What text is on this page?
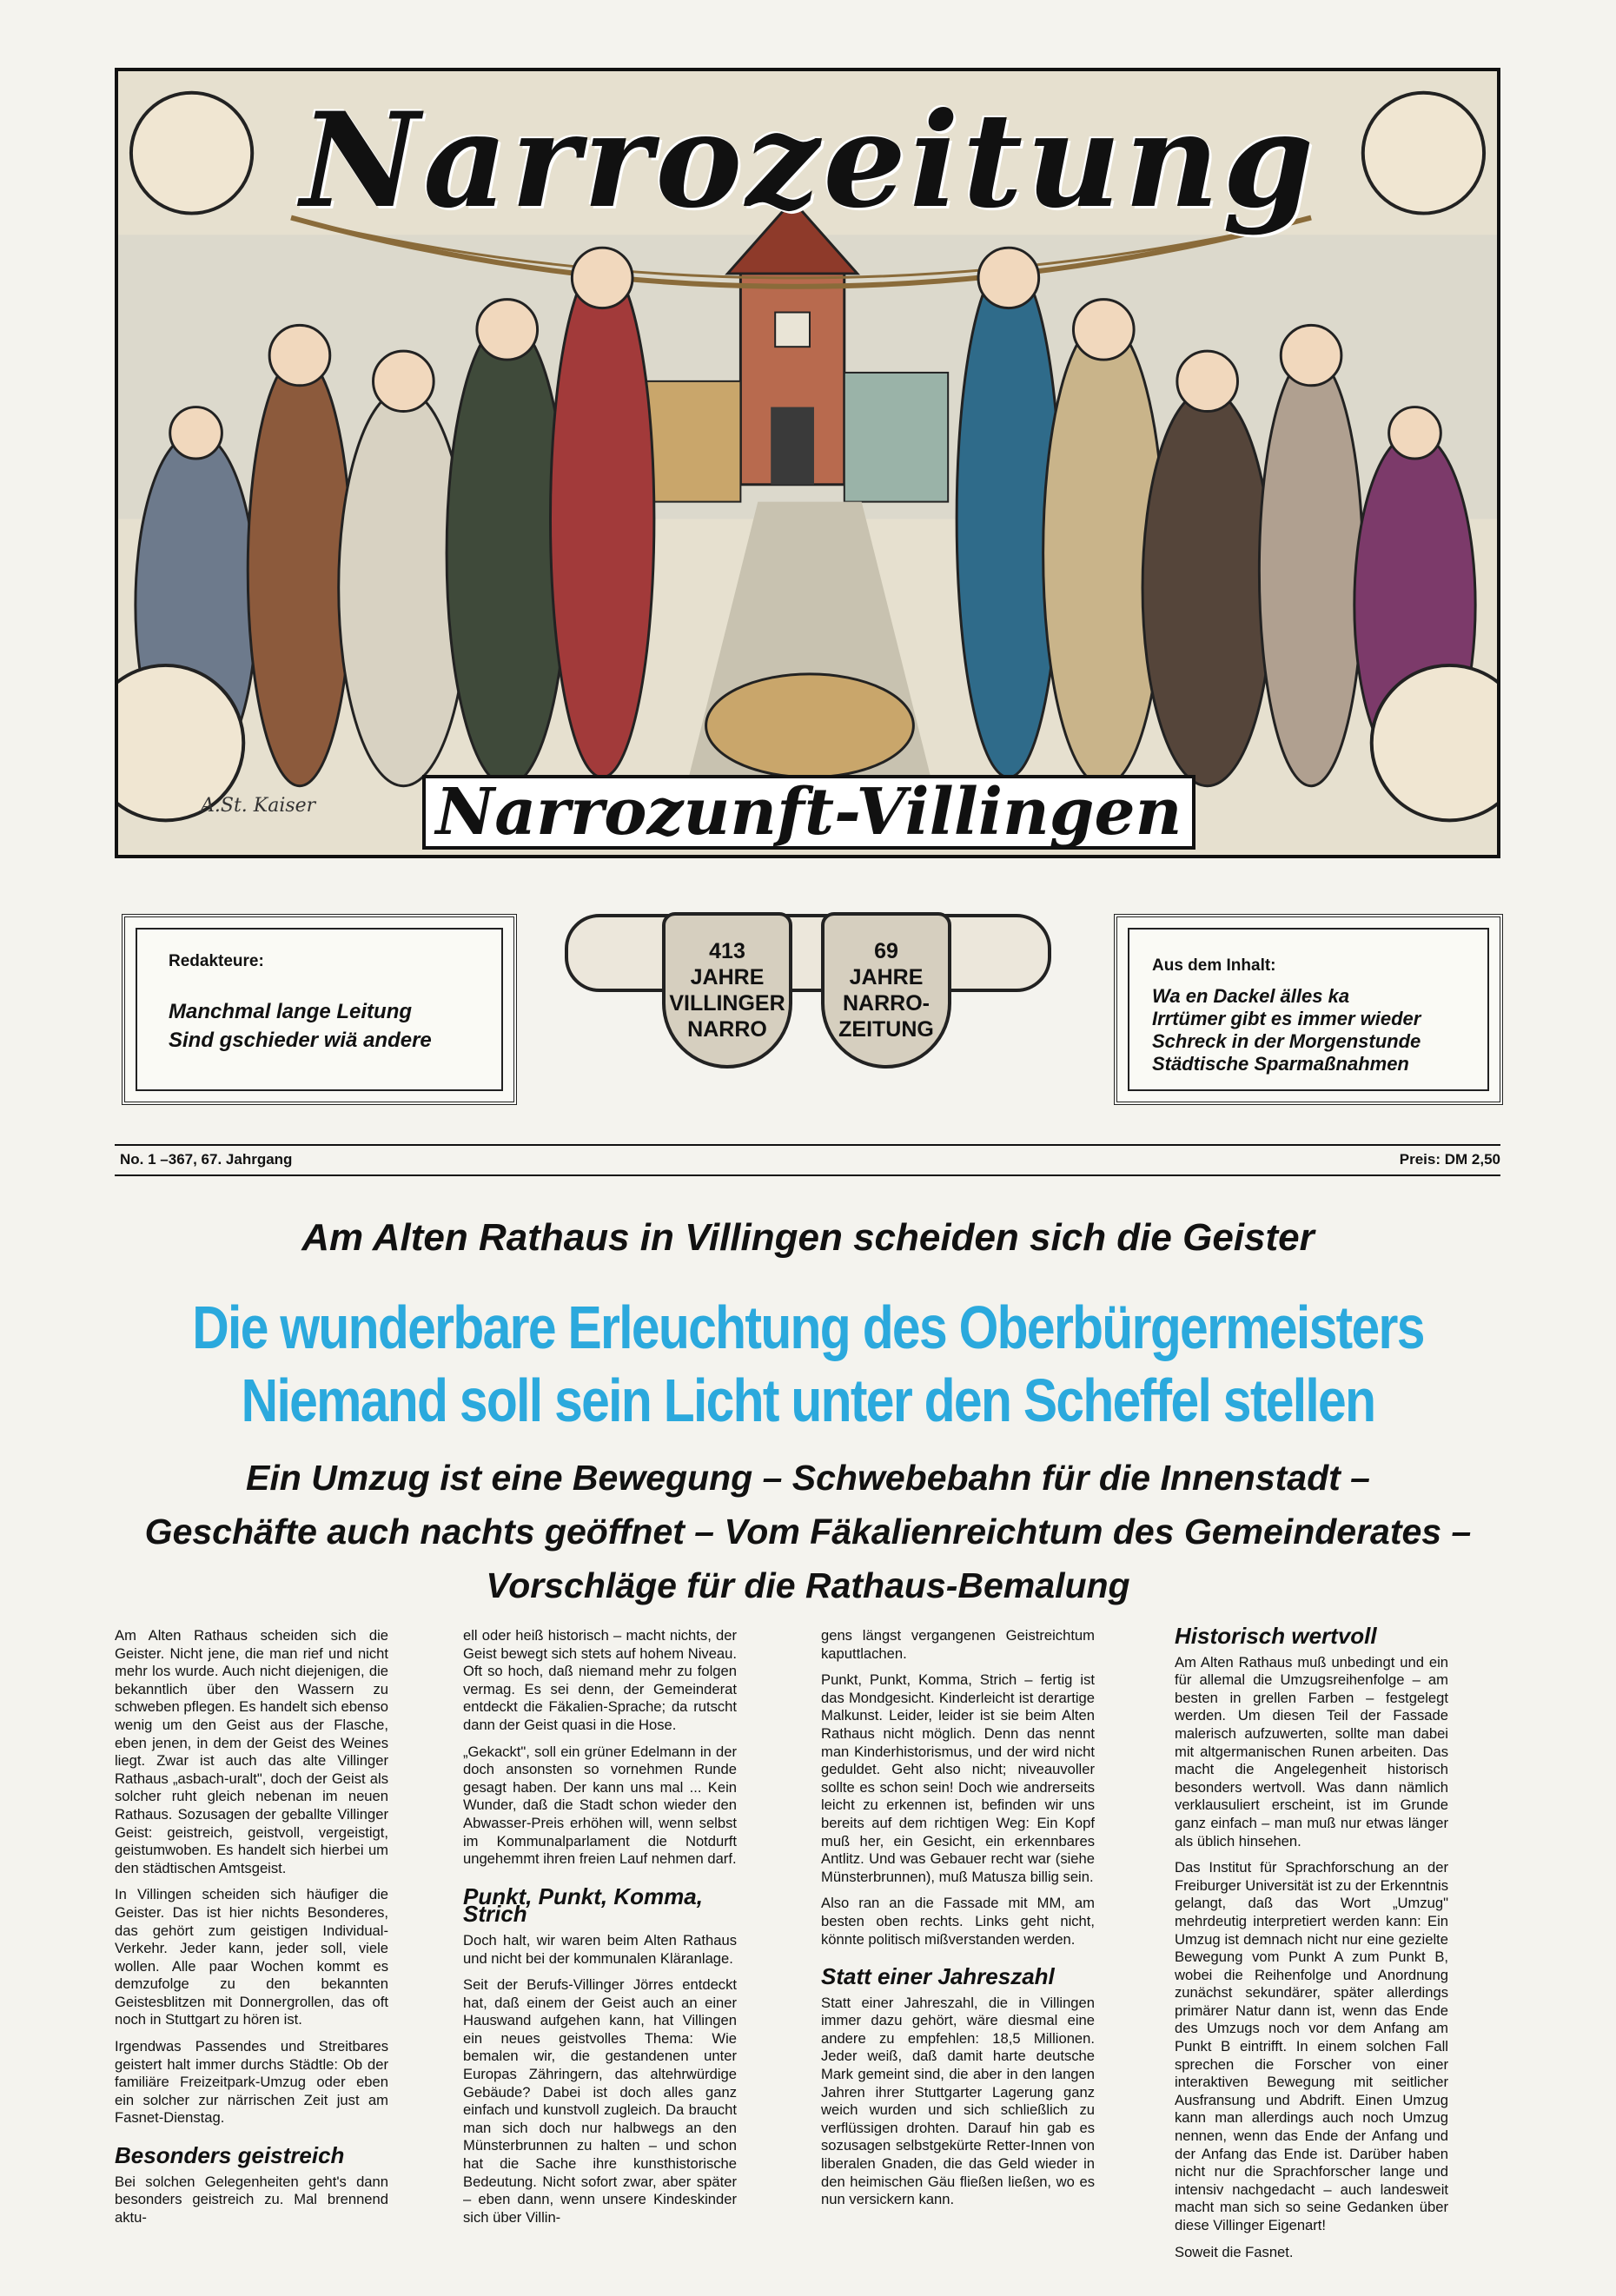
Narrozeitung
Narrozunft-Villingen
A.St. Kaiser
Redakteure:
Manchmal lange Leitung
Sind gschieder wiä andere
413
JAHRE
VILLINGER
NARRO
69
JAHRE
NARRO-
ZEITUNG
Aus dem Inhalt:
Wa en Dackel älles ka
Irrtümer gibt es immer wieder
Schreck in der Morgenstunde
Städtische Sparmaßnahmen
No. 1 –367, 67. Jahrgang	Preis: DM 2,50
Am Alten Rathaus in Villingen scheiden sich die Geister
Die wunderbare Erleuchtung des Oberbürgermeisters
Niemand soll sein Licht unter den Scheffel stellen
Ein Umzug ist eine Bewegung – Schwebebahn für die Innenstadt –
Geschäfte auch nachts geöffnet – Vom Fäkalienreichtum des Gemeinderates –
Vorschläge für die Rathaus-Bemalung

Am Alten Rathaus scheiden sich die Geister. Nicht jene, die man rief und nicht mehr los wurde. Auch nicht diejenigen, die bekanntlich über den Wassern zu schweben pflegen. Es handelt sich ebenso wenig um den Geist aus der Flasche, eben jenen, in dem der Geist des Weines liegt. Zwar ist auch das alte Villinger Rathaus „asbach-uralt", doch der Geist als solcher ruht gleich nebenan im neuen Rathaus. Sozusagen der geballte Villinger Geist: geistreich, geistvoll, vergeistigt, geistumwoben. Es handelt sich hierbei um den städtischen Amtsgeist.

In Villingen scheiden sich häufiger die Geister. Das ist hier nichts Besonderes, das gehört zum geistigen Individual-Verkehr. Jeder kann, jeder soll, viele wollen. Alle paar Wochen kommt es demzufolge zu den bekannten Geistesblitzen mit Donnergrollen, das oft noch in Stuttgart zu hören ist.

Irgendwas Passendes und Streitbares geistert halt immer durchs Städtle: Ob der familiäre Freizeitpark-Umzug oder eben ein solcher zur närrischen Zeit just am Fasnet-Dienstag.

Besonders geistreich

Bei solchen Gelegenheiten geht's dann besonders geistreich zu. Mal brennend aktu-

ell oder heiß historisch – macht nichts, der Geist bewegt sich stets auf hohem Niveau. Oft so hoch, daß niemand mehr zu folgen vermag. Es sei denn, der Gemeinderat entdeckt die Fäkalien-Sprache; da rutscht dann der Geist quasi in die Hose.

„Gekackt", soll ein grüner Edelmann in der doch ansonsten so vornehmen Runde gesagt haben. Der kann uns mal ... Kein Wunder, daß die Stadt schon wieder den Abwasser-Preis erhöhen will, wenn selbst im Kommunalparlament die Notdurft ungehemmt ihren freien Lauf nehmen darf.

Punkt, Punkt, Komma, Strich

Doch halt, wir waren beim Alten Rathaus und nicht bei der kommunalen Kläranlage.

Seit der Berufs-Villinger Jörres entdeckt hat, daß einem der Geist auch an einer Hauswand aufgehen kann, hat Villingen ein neues geistvolles Thema: Wie bemalen wir, die gestandenen unter Europas Zähringern, das altehrwürdige Gebäude? Dabei ist doch alles ganz einfach und kunstvoll zugleich. Da braucht man sich doch nur halbwegs an den Münsterbrunnen zu halten – und schon hat die Sache ihre kunsthistorische Bedeutung. Nicht sofort zwar, aber später – eben dann, wenn unsere Kindeskinder sich über Villin-

gens längst vergangenen Geistreichtum kaputtlachen.

Punkt, Punkt, Komma, Strich – fertig ist das Mondgesicht. Kinderleicht ist derartige Malkunst. Leider, leider ist sie beim Alten Rathaus nicht möglich. Denn das nennt man Kinderhistorismus, und der wird nicht geduldet. Geht also nicht; niveauvoller sollte es schon sein! Doch wie andrerseits leicht zu erkennen ist, befinden wir uns bereits auf dem richtigen Weg: Ein Kopf muß her, ein Gesicht, ein erkennbares Antlitz. Und was Gebauer recht war (siehe Münsterbrunnen), muß Matusza billig sein.

Also ran an die Fassade mit MM, am besten oben rechts. Links geht nicht, könnte politisch mißverstanden werden.

Statt einer Jahreszahl

Statt einer Jahreszahl, die in Villingen immer dazu gehört, wäre diesmal eine andere zu empfehlen: 18,5 Millionen. Jeder weiß, daß damit harte deutsche Mark gemeint sind, die aber in den langen Jahren ihrer Stuttgarter Lagerung ganz weich wurden und sich schließlich zu verflüssigen drohten. Darauf hin gab es sozusagen selbstgekürte Retter-Innen von liberalen Gnaden, die das Geld wieder in den heimischen Gäu fließen ließen, wo es nun versickern kann.

Historisch wertvoll

Am Alten Rathaus muß unbedingt und ein für allemal die Umzugsreihenfolge – am besten in grellen Farben – festgelegt werden. Um diesen Teil der Fassade malerisch aufzuwerten, sollte man dabei mit altgermanischen Runen arbeiten. Das macht die Angelegenheit historisch besonders wertvoll. Was dann nämlich verklausuliert erscheint, ist im Grunde ganz einfach – man muß nur etwas länger als üblich hinsehen.

Das Institut für Sprachforschung an der Freiburger Universität ist zu der Erkenntnis gelangt, daß das Wort „Umzug" mehrdeutig interpretiert werden kann: Ein Umzug ist demnach nicht nur eine gezielte Bewegung vom Punkt A zum Punkt B, wobei die Reihenfolge und Anordnung zunächst sekundärer, später allerdings primärer Natur dann ist, wenn das Ende des Umzugs noch vor dem Anfang am Punkt B eintrifft. In einem solchen Fall sprechen die Forscher von einer interaktiven Bewegung mit seitlicher Ausfransung und Abdrift. Einen Umzug kann man allerdings auch noch Umzug nennen, wenn das Ende der Anfang und der Anfang das Ende ist. Darüber haben nicht nur die Sprachforscher lange und intensiv nachgedacht – auch landesweit macht man sich so seine Gedanken über diese Villinger Eigenart!

Soweit die Fasnet.
